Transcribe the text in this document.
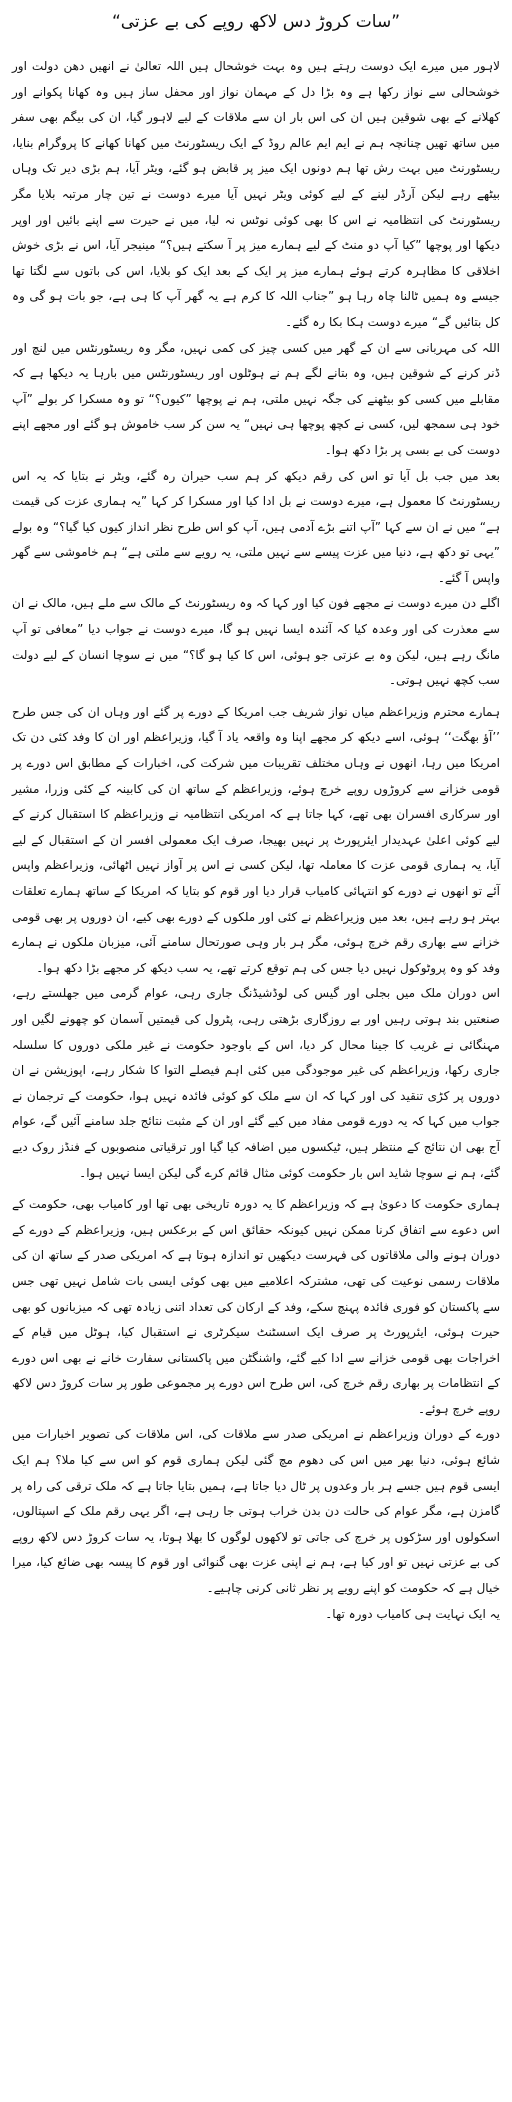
”سات کروڑ دس لاکھ روپے کی بے عزتی“

لاہور میں میرے ایک دوست رہتے ہیں وہ بہت خوشحال ہیں اللہ تعالیٰ نے انھیں دھن دولت اور خوشحالی سے نواز رکھا ہے وہ بڑا دل کے مہمان نواز اور محفل ساز ہیں وہ کھانا پکوانے اور کھلانے کے بھی شوقین ہیں ان کی اس بار ان سے ملاقات کے لیے لاہور گیا، ان کی بیگم بھی سفر میں ساتھ تھیں چنانچہ ہم نے ایم ایم عالم روڈ کے ایک ریسٹورنٹ میں کھانا کھانے کا پروگرام بنایا، ریسٹورنٹ میں بہت رش تھا ہم دونوں ایک میز پر قابض ہو گئے، ویٹر آیا، ہم بڑی دیر تک وہاں بیٹھے رہے لیکن آرڈر لینے کے لیے کوئی ویٹر نہیں آیا میرے دوست نے تین چار مرتبہ بلایا مگر ریسٹورنٹ کی انتظامیہ نے اس کا بھی کوئی نوٹس نہ لیا، میں نے حیرت سے اپنے بائیں اور اوپر دیکھا اور پوچھا ”کیا آپ دو منٹ کے لیے ہمارے میز پر آ سکتے ہیں؟“ مینیجر آیا، اس نے بڑی خوش اخلاقی کا مظاہرہ کرتے ہوئے ہمارے میز پر ایک کے بعد ایک کو بلایا، اس کی باتوں سے لگتا تھا جیسے وہ ہمیں ٹالنا چاہ رہا ہو ”جناب اللہ کا کرم ہے یہ گھر آپ کا ہی ہے، جو بات ہو گی وہ کل بتائیں گے“ میرے دوست ہکا بکا رہ گئے۔

اللہ کی مہربانی سے ان کے گھر میں کسی چیز کی کمی نہیں، مگر وہ ریسٹورنٹس میں لنچ اور ڈنر کرنے کے شوقین ہیں، وہ بتانے لگے ہم نے ہوٹلوں اور ریسٹورنٹس میں بارہا یہ دیکھا ہے کہ مقابلے میں کسی کو بیٹھنے کی جگہ نہیں ملتی، ہم نے پوچھا ”کیوں؟“ تو وہ مسکرا کر بولے ”آپ خود ہی سمجھ لیں، کسی نے کچھ پوچھا ہی نہیں“ یہ سن کر سب خاموش ہو گئے اور مجھے اپنے دوست کی بے بسی پر بڑا دکھ ہوا۔

بعد میں جب بل آیا تو اس کی رقم دیکھ کر ہم سب حیران رہ گئے، ویٹر نے بتایا کہ یہ اس ریسٹورنٹ کا معمول ہے، میرے دوست نے بل ادا کیا اور مسکرا کر کہا ”یہ ہماری عزت کی قیمت ہے“ میں نے ان سے کہا ”آپ اتنے بڑے آدمی ہیں، آپ کو اس طرح نظر انداز کیوں کیا گیا؟“ وہ بولے ”یہی تو دکھ ہے، دنیا میں عزت پیسے سے نہیں ملتی، یہ رویے سے ملتی ہے“ ہم خاموشی سے گھر واپس آ گئے۔

اگلے دن میرے دوست نے مجھے فون کیا اور کہا کہ وہ ریسٹورنٹ کے مالک سے ملے ہیں، مالک نے ان سے معذرت کی اور وعدہ کیا کہ آئندہ ایسا نہیں ہو گا، میرے دوست نے جواب دیا ”معافی تو آپ مانگ رہے ہیں، لیکن وہ بے عزتی جو ہوئی، اس کا کیا ہو گا؟“ میں نے سوچا انسان کے لیے دولت سب کچھ نہیں ہوتی۔

ہمارے محترم وزیراعظم میاں نواز شریف جب امریکا کے دورے پر گئے اور وہاں ان کی جس طرح ’’آؤ بھگت‘‘ ہوئی، اسے دیکھ کر مجھے اپنا وہ واقعہ یاد آ گیا، وزیراعظم اور ان کا وفد کئی دن تک امریکا میں رہا، انھوں نے وہاں مختلف تقریبات میں شرکت کی، اخبارات کے مطابق اس دورے پر قومی خزانے سے کروڑوں روپے خرچ ہوئے، وزیراعظم کے ساتھ ان کی کابینہ کے کئی وزرا، مشیر اور سرکاری افسران بھی تھے، کہا جاتا ہے کہ امریکی انتظامیہ نے وزیراعظم کا استقبال کرنے کے لیے کوئی اعلیٰ عہدیدار ایئرپورٹ پر نہیں بھیجا، صرف ایک معمولی افسر ان کے استقبال کے لیے آیا، یہ ہماری قومی عزت کا معاملہ تھا، لیکن کسی نے اس پر آواز نہیں اٹھائی، وزیراعظم واپس آئے تو انھوں نے دورے کو انتہائی کامیاب قرار دیا اور قوم کو بتایا کہ امریکا کے ساتھ ہمارے تعلقات بہتر ہو رہے ہیں، بعد میں وزیراعظم نے کئی اور ملکوں کے دورے بھی کیے، ان دوروں پر بھی قومی خزانے سے بھاری رقم خرچ ہوئی، مگر ہر بار وہی صورتحال سامنے آئی، میزبان ملکوں نے ہمارے وفد کو وہ پروٹوکول نہیں دیا جس کی ہم توقع کرتے تھے، یہ سب دیکھ کر مجھے بڑا دکھ ہوا۔

اس دوران ملک میں بجلی اور گیس کی لوڈشیڈنگ جاری رہی، عوام گرمی میں جھلستے رہے، صنعتیں بند ہوتی رہیں اور بے روزگاری بڑھتی رہی، پٹرول کی قیمتیں آسمان کو چھونے لگیں اور مہنگائی نے غریب کا جینا محال کر دیا، اس کے باوجود حکومت نے غیر ملکی دوروں کا سلسلہ جاری رکھا، وزیراعظم کی غیر موجودگی میں کئی اہم فیصلے التوا کا شکار رہے، اپوزیشن نے ان دوروں پر کڑی تنقید کی اور کہا کہ ان سے ملک کو کوئی فائدہ نہیں ہوا، حکومت کے ترجمان نے جواب میں کہا کہ یہ دورے قومی مفاد میں کیے گئے اور ان کے مثبت نتائج جلد سامنے آئیں گے، عوام آج بھی ان نتائج کے منتظر ہیں، ٹیکسوں میں اضافہ کیا گیا اور ترقیاتی منصوبوں کے فنڈز روک دیے گئے، ہم نے سوچا شاید اس بار حکومت کوئی مثال قائم کرے گی لیکن ایسا نہیں ہوا۔

ہماری حکومت کا دعویٰ ہے کہ وزیراعظم کا یہ دورہ تاریخی بھی تھا اور کامیاب بھی، حکومت کے اس دعوے سے اتفاق کرنا ممکن نہیں کیونکہ حقائق اس کے برعکس ہیں، وزیراعظم کے دورے کے دوران ہونے والی ملاقاتوں کی فہرست دیکھیں تو اندازہ ہوتا ہے کہ امریکی صدر کے ساتھ ان کی ملاقات رسمی نوعیت کی تھی، مشترکہ اعلامیے میں بھی کوئی ایسی بات شامل نہیں تھی جس سے پاکستان کو فوری فائدہ پہنچ سکے، وفد کے ارکان کی تعداد اتنی زیادہ تھی کہ میزبانوں کو بھی حیرت ہوئی، ایئرپورٹ پر صرف ایک اسسٹنٹ سیکرٹری نے استقبال کیا، ہوٹل میں قیام کے اخراجات بھی قومی خزانے سے ادا کیے گئے، واشنگٹن میں پاکستانی سفارت خانے نے بھی اس دورے کے انتظامات پر بھاری رقم خرچ کی، اس طرح اس دورے پر مجموعی طور پر سات کروڑ دس لاکھ روپے خرچ ہوئے۔

دورے کے دوران وزیراعظم نے امریکی صدر سے ملاقات کی، اس ملاقات کی تصویر اخبارات میں شائع ہوئی، دنیا بھر میں اس کی دھوم مچ گئی لیکن ہماری قوم کو اس سے کیا ملا؟ ہم ایک ایسی قوم ہیں جسے ہر بار وعدوں پر ٹال دیا جاتا ہے، ہمیں بتایا جاتا ہے کہ ملک ترقی کی راہ پر گامزن ہے، مگر عوام کی حالت دن بدن خراب ہوتی جا رہی ہے، اگر یہی رقم ملک کے اسپتالوں، اسکولوں اور سڑکوں پر خرچ کی جاتی تو لاکھوں لوگوں کا بھلا ہوتا، یہ سات کروڑ دس لاکھ روپے کی بے عزتی نہیں تو اور کیا ہے، ہم نے اپنی عزت بھی گنوائی اور قوم کا پیسہ بھی ضائع کیا، میرا خیال ہے کہ حکومت کو اپنے رویے پر نظر ثانی کرنی چاہیے۔

یہ ایک نہایت ہی کامیاب دورہ تھا۔
